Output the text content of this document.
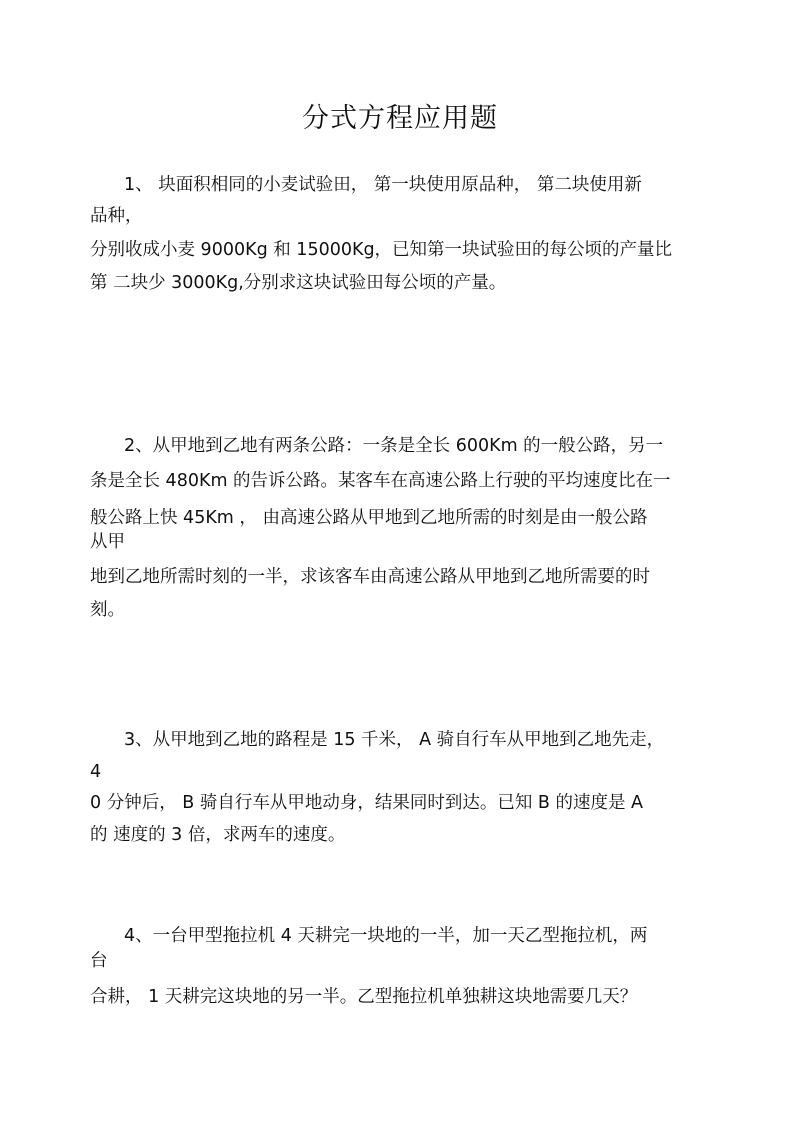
分式方程应用题
1、 块面积相同的小麦试验田， 第一块使用原品种， 第二块使用新
品种，
分别收成小麦 9000Kg 和 15000Kg，已知第一块试验田的每公顷的产量比
第 二块少 3000Kg,分别求这块试验田每公顷的产量。
2、从甲地到乙地有两条公路：一条是全长 600Km 的一般公路，另一
条是全长 480Km 的告诉公路。某客车在高速公路上行驶的平均速度比在一
般公路上快 45Km ， 由高速公路从甲地到乙地所需的时刻是由一般公路
从甲
地到乙地所需时刻的一半，求该客车由高速公路从甲地到乙地所需要的时
刻。
3、从甲地到乙地的路程是 15 千米， A 骑自行车从甲地到乙地先走，
4
0 分钟后， B 骑自行车从甲地动身，结果同时到达。已知 B 的速度是 A
的 速度的 3 倍，求两车的速度。
4、一台甲型拖拉机 4 天耕完一块地的一半，加一天乙型拖拉机，两
台
合耕， 1 天耕完这块地的另一半。乙型拖拉机单独耕这块地需要几天？
